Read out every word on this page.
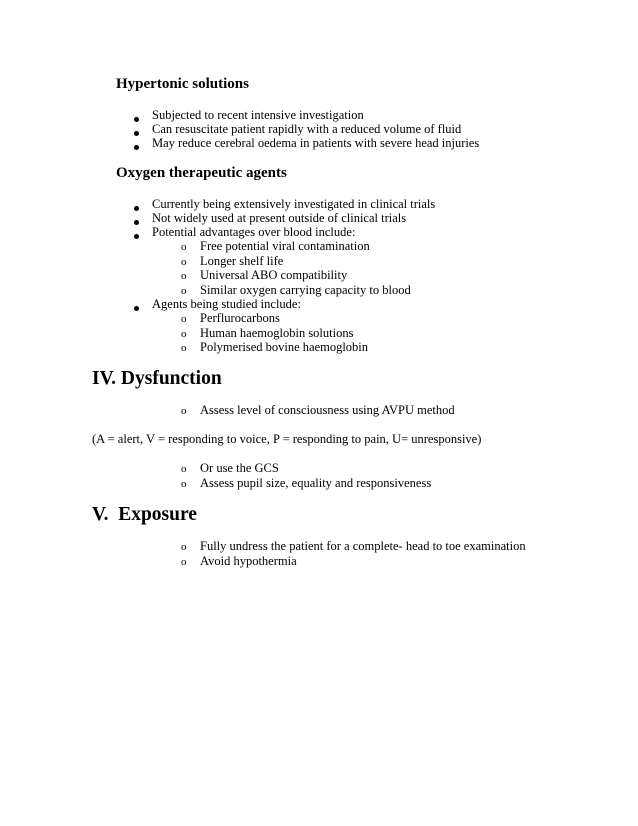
Hypertonic solutions
Subjected to recent intensive investigation
Can resuscitate patient rapidly with a reduced volume of fluid
May reduce cerebral oedema in patients with severe head injuries
Oxygen therapeutic agents
Currently being extensively investigated in clinical trials
Not widely used at present outside of clinical trials
Potential advantages over blood include:
o Free potential viral contamination
o Longer shelf life
o Universal ABO compatibility
o Similar oxygen carrying capacity to blood
Agents being studied include:
o Perflurocarbons
o Human haemoglobin solutions
o Polymerised bovine haemoglobin
IV. Dysfunction
o Assess level of consciousness using AVPU method
(A = alert, V = responding to voice, P = responding to pain, U= unresponsive)
o Or use the GCS
o Assess pupil size, equality and responsiveness
V.  Exposure
o Fully undress the patient for a complete- head to toe examination
o Avoid hypothermia
